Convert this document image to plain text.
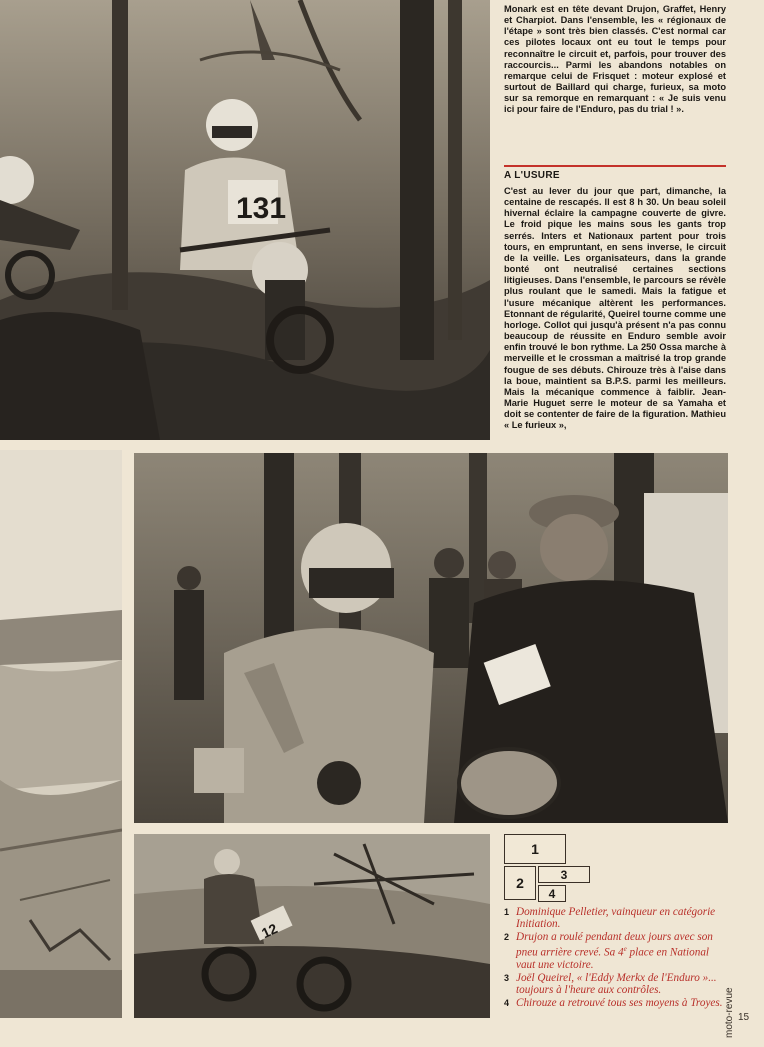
131
12

Monark est en tête devant Drujon, Graffet, Henry et Charpiot. Dans l'ensemble, les « régionaux de l'étape » sont très bien classés. C'est normal car ces pilotes locaux ont eu tout le temps pour reconnaître le circuit et, parfois, pour trouver des raccourcis... Parmi les abandons notables on remarque celui de Frisquet : moteur explosé et surtout de Baillard qui charge, furieux, sa moto sur sa remorque en remarquant : « Je suis venu ici pour faire de l'Enduro, pas du trial ! ».

A L'USURE

C'est au lever du jour que part, dimanche, la centaine de rescapés. Il est 8 h 30. Un beau soleil hivernal éclaire la campagne couverte de givre. Le froid pique les mains sous les gants trop serrés. Inters et Nationaux partent pour trois tours, en empruntant, en sens inverse, le circuit de la veille. Les organisateurs, dans la grande bonté ont neutralisé certaines sections litigieuses. Dans l'ensemble, le parcours se révèle plus roulant que le samedi. Mais la fatigue et l'usure mécanique altèrent les performances. Etonnant de régularité, Queirel tourne comme une horloge. Collot qui jusqu'à présent n'a pas connu beaucoup de réussite en Enduro semble avoir enfin trouvé le bon rythme. La 250 Ossa marche à merveille et le crossman a maîtrisé la trop grande fougue de ses débuts. Chirouze très à l'aise dans la boue, maintient sa B.P.S. parmi les meilleurs. Mais la mécanique commence à faiblir. Jean-Marie Huguet serre le moteur de sa Yamaha et doit se contenter de faire de la figuration. Mathieu « Le furieux »,

1
2
3
4

1 Dominique Pelletier, vainqueur en catégorie Initiation.

2 Drujon a roulé pendant deux jours avec son pneu arrière crevé. Sa 4e place en National vaut une victoire.

3 Joël Queirel, « l'Eddy Merkx de l'Enduro »... toujours à l'heure aux contrôles.

4 Chirouze a retrouvé tous ses moyens à Troyes. moto-revue 15
